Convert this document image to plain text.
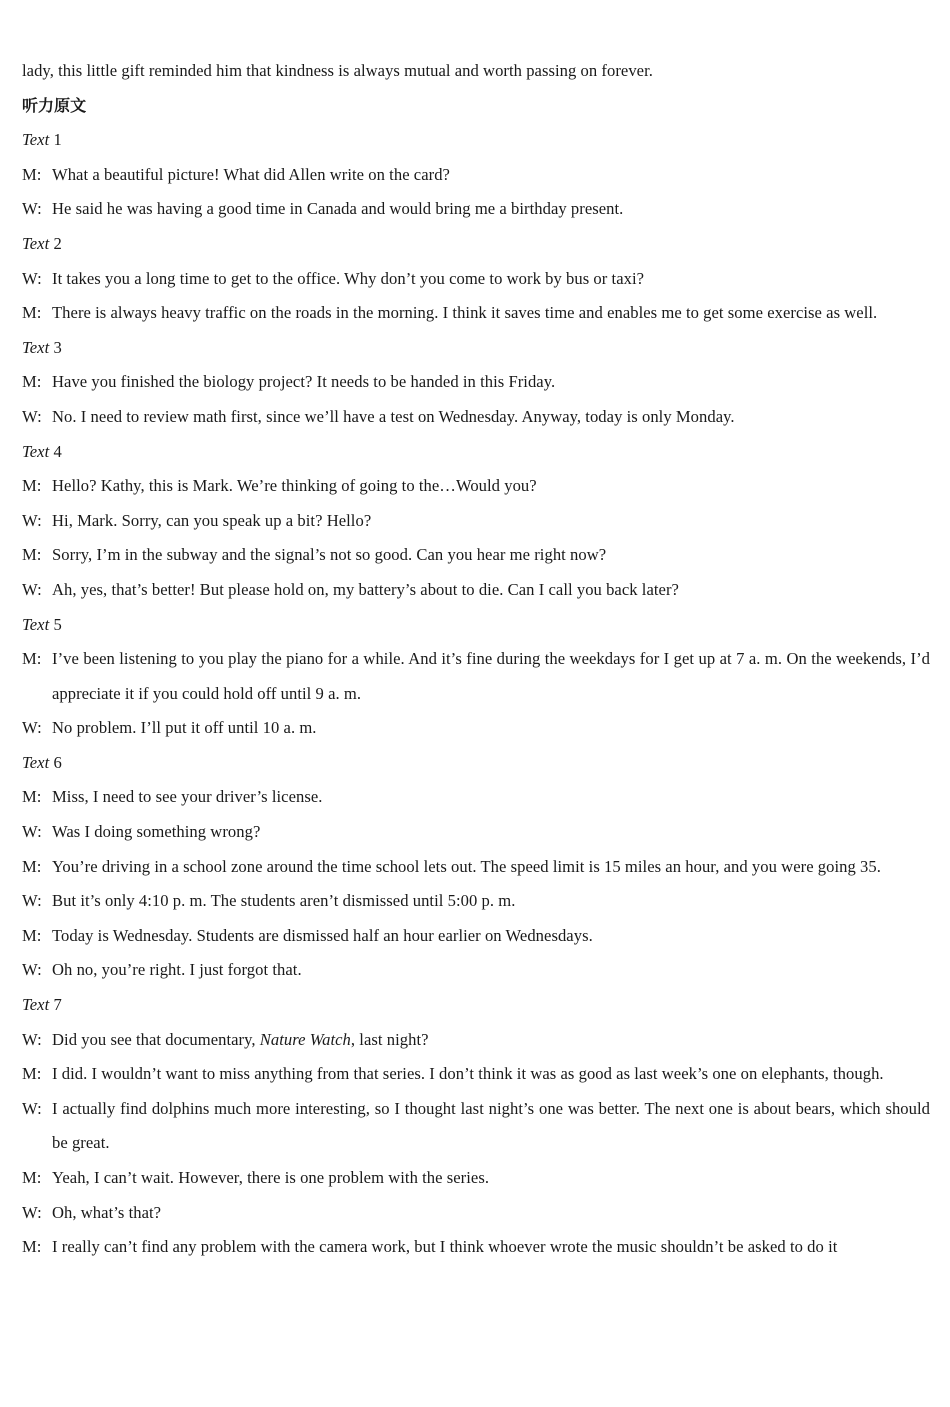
lady, this little gift reminded him that kindness is always mutual and worth passing on forever.
听力原文
Text 1
M: What a beautiful picture! What did Allen write on the card?
W: He said he was having a good time in Canada and would bring me a birthday present.
Text 2
W: It takes you a long time to get to the office. Why don’t you come to work by bus or taxi?
M: There is always heavy traffic on the roads in the morning. I think it saves time and enables me to get some exercise as well.
Text 3
M: Have you finished the biology project? It needs to be handed in this Friday.
W: No. I need to review math first, since we’ll have a test on Wednesday. Anyway, today is only Monday.
Text 4
M: Hello? Kathy, this is Mark. We’re thinking of going to the…Would you?
W: Hi, Mark. Sorry, can you speak up a bit? Hello?
M: Sorry, I’m in the subway and the signal’s not so good. Can you hear me right now?
W: Ah, yes, that’s better! But please hold on, my battery’s about to die. Can I call you back later?
Text 5
M: I’ve been listening to you play the piano for a while. And it’s fine during the weekdays for I get up at 7 a. m. On the weekends, I’d appreciate it if you could hold off until 9 a. m.
W: No problem. I’ll put it off until 10 a. m.
Text 6
M: Miss, I need to see your driver’s license.
W: Was I doing something wrong?
M: You’re driving in a school zone around the time school lets out. The speed limit is 15 miles an hour, and you were going 35.
W: But it’s only 4:10 p. m. The students aren’t dismissed until 5:00 p. m.
M: Today is Wednesday. Students are dismissed half an hour earlier on Wednesdays.
W: Oh no, you’re right. I just forgot that.
Text 7
W: Did you see that documentary, Nature Watch, last night?
M: I did. I wouldn’t want to miss anything from that series. I don’t think it was as good as last week’s one on elephants, though.
W: I actually find dolphins much more interesting, so I thought last night’s one was better. The next one is about bears, which should be great.
M: Yeah, I can’t wait. However, there is one problem with the series.
W: Oh, what’s that?
M: I really can’t find any problem with the camera work, but I think whoever wrote the music shouldn’t be asked to do it
